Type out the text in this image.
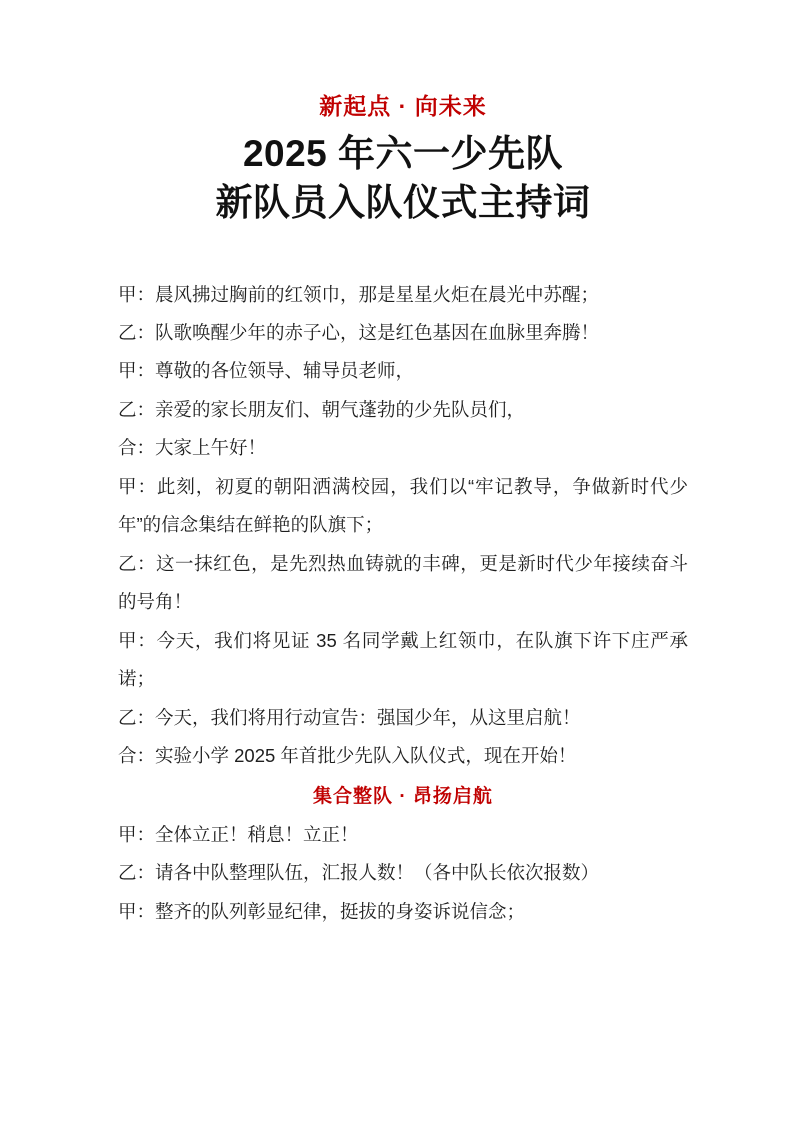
新起点 · 向未来
2025 年六一少先队
新队员入队仪式主持词

甲：晨风拂过胸前的红领巾，那是星星火炬在晨光中苏醒；

乙：队歌唤醒少年的赤子心，这是红色基因在血脉里奔腾！

甲：尊敬的各位领导、辅导员老师，

乙：亲爱的家长朋友们、朝气蓬勃的少先队员们，

合：大家上午好！

甲：此刻，初夏的朝阳洒满校园，我们以“牢记教导，争做新时代少年”的信念集结在鲜艳的队旗下；

乙：这一抹红色，是先烈热血铸就的丰碑，更是新时代少年接续奋斗的号角！

甲：今天，我们将见证 35 名同学戴上红领巾，在队旗下许下庄严承诺；

乙：今天，我们将用行动宣告：强国少年，从这里启航！

合：实验小学 2025 年首批少先队入队仪式，现在开始！

集合整队 · 昂扬启航

甲：全体立正！稍息！立正！

乙：请各中队整理队伍，汇报人数！（各中队长依次报数）

甲：整齐的队列彰显纪律，挺拔的身姿诉说信念；
